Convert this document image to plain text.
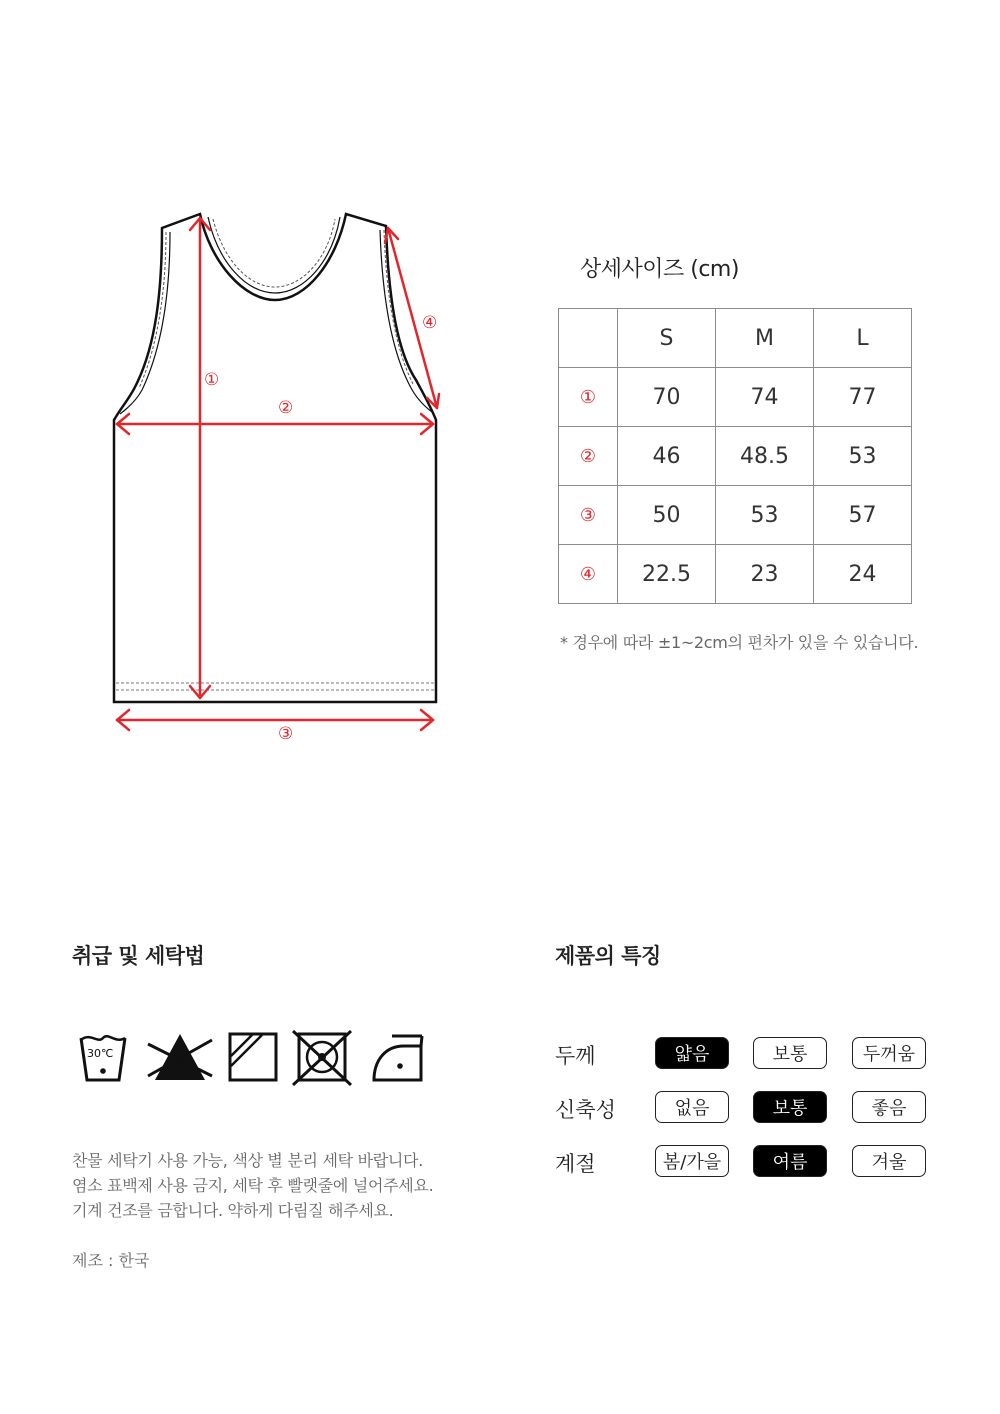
①
②
③
④
상세사이즈 (cm)
	S	M	L
①	70	74	77
②	46	48.5	53
③	50	53	57
④	22.5	23	24
* 경우에 따라 ±1~2cm의 편차가 있을 수 있습니다.
취급 및 세탁법
30℃
찬물 세탁기 사용 가능, 색상 별 분리 세탁 바랍니다.
염소 표백제 사용 금지, 세탁 후 빨랫줄에 널어주세요.
기계 건조를 금합니다. 약하게 다림질 해주세요.
제조 : 한국
제품의 특징
두께	얇음	보통	두꺼움
신축성	없음	보통	좋음
계절	봄/가을	여름	겨울
